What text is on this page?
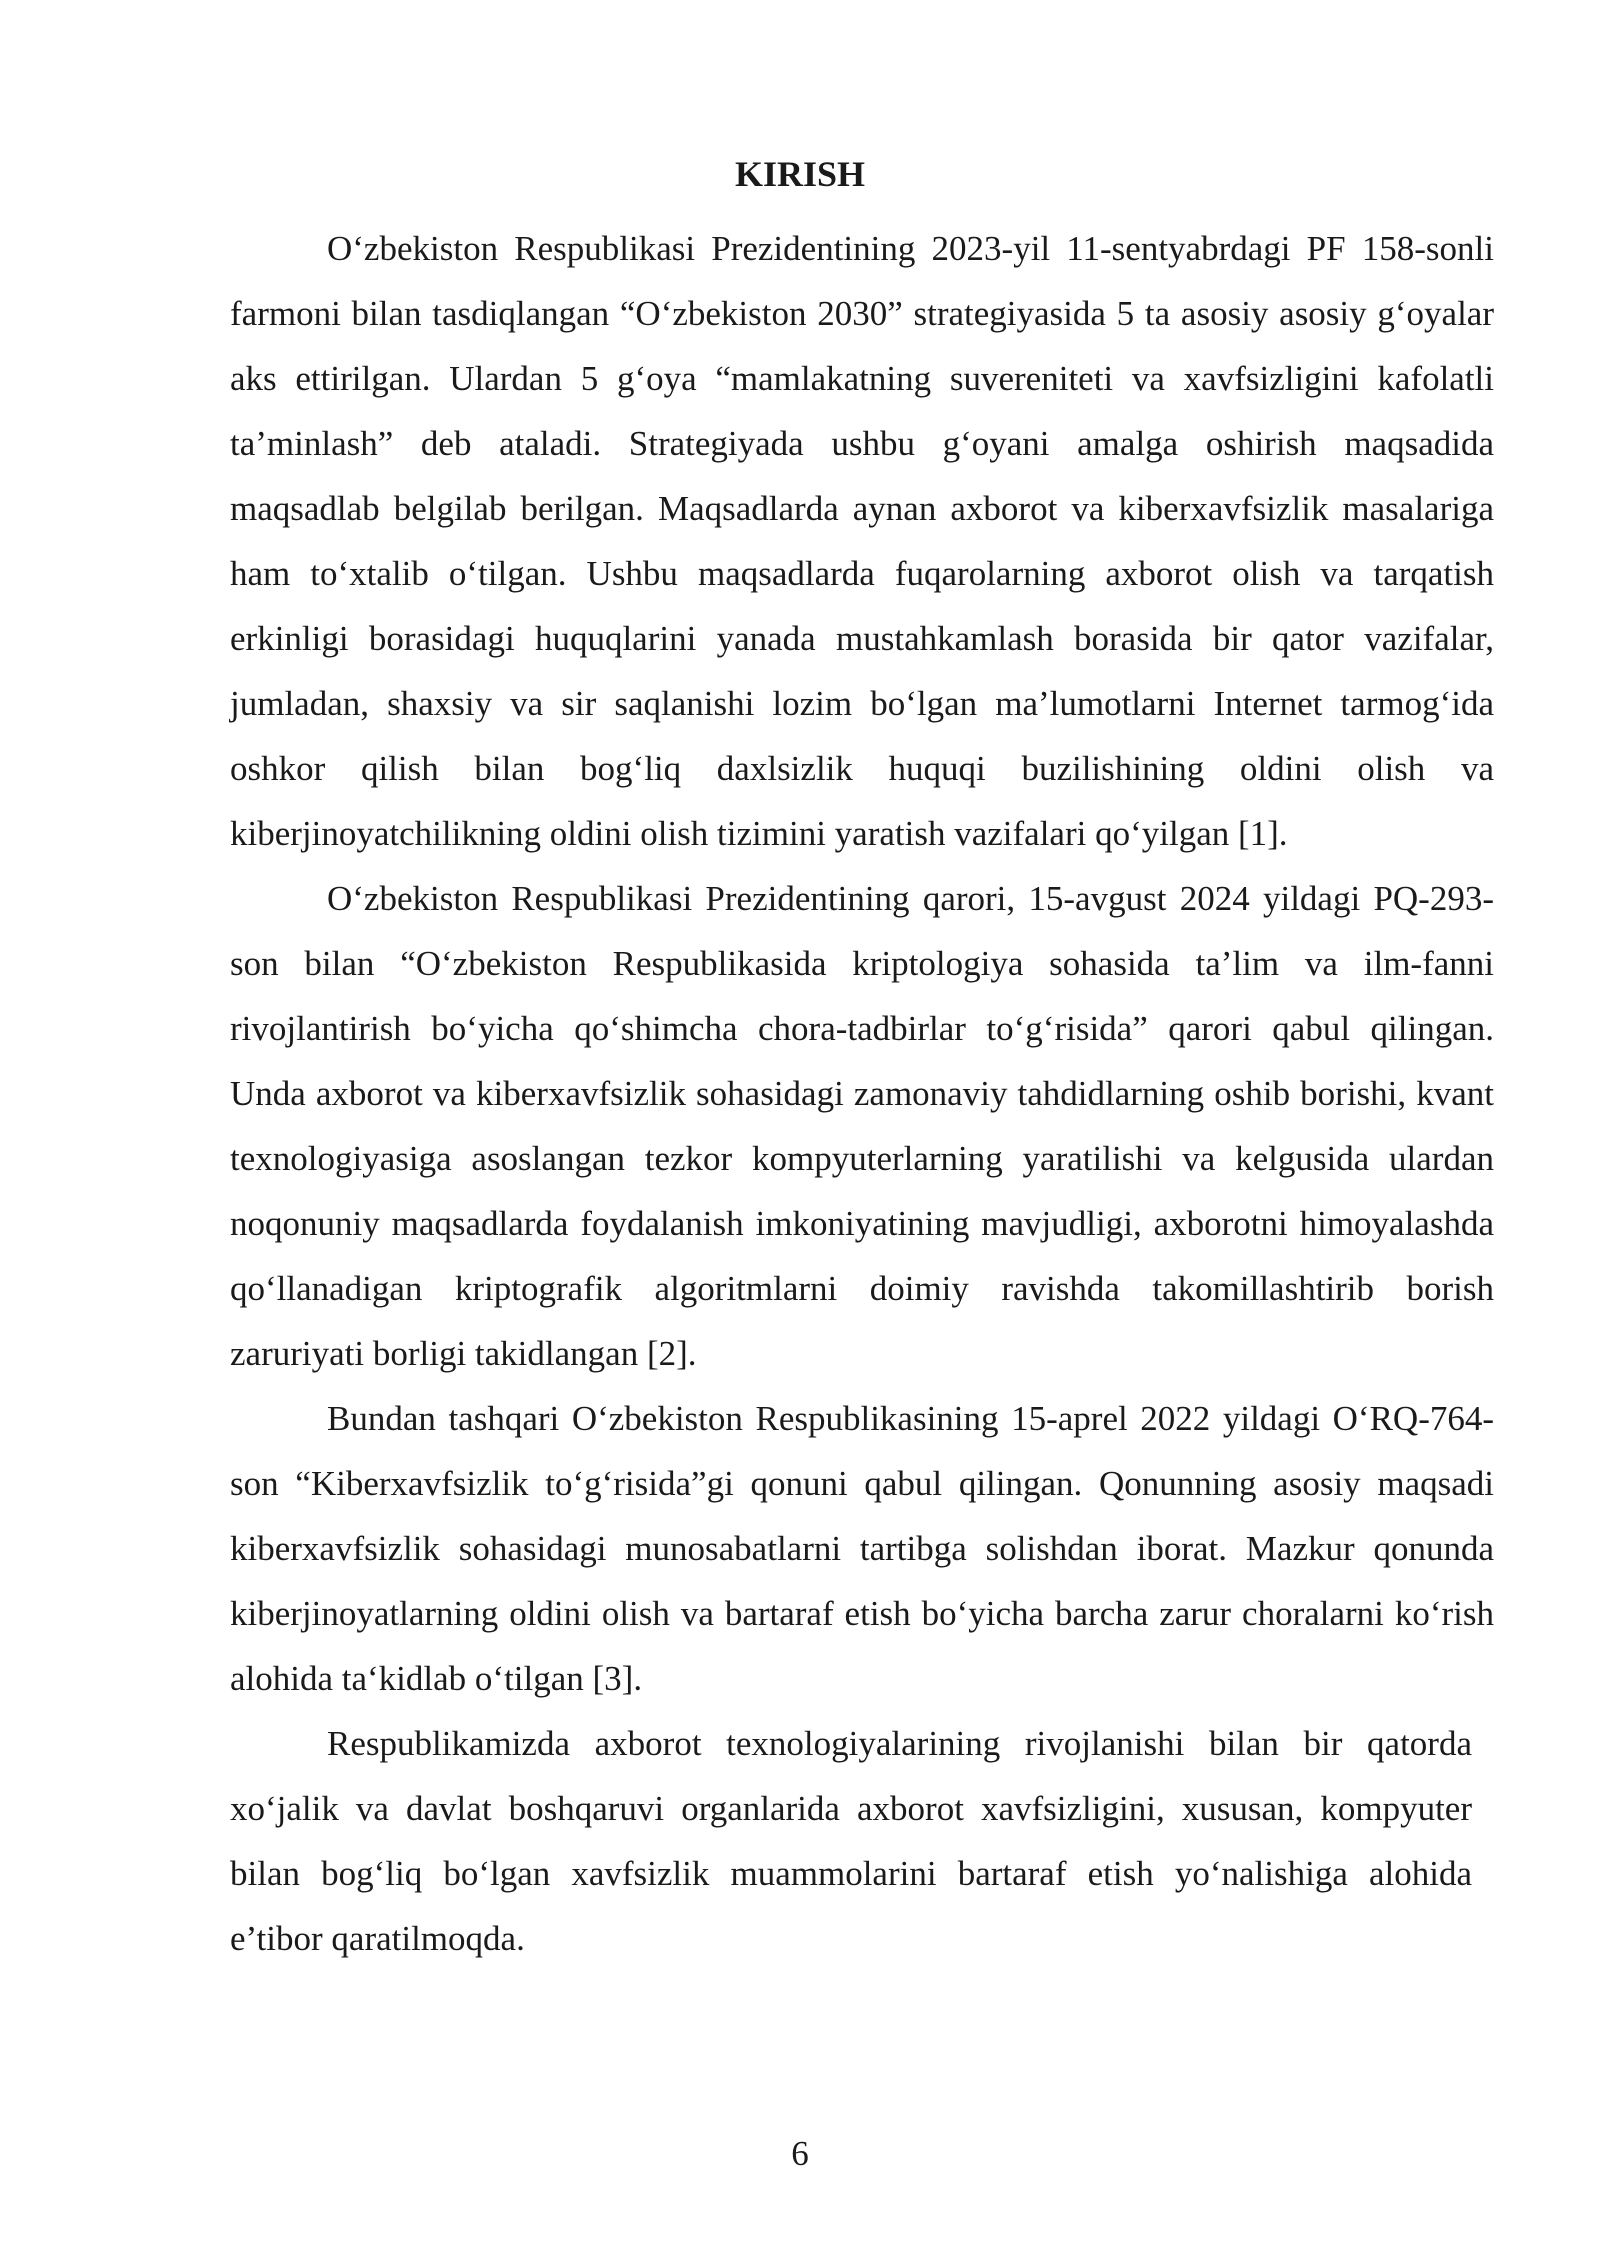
KIRISH

O‘zbekiston Respublikasi Prezidentining 2023-yil 11-sentyabrdagi PF 158-sonli farmoni bilan tasdiqlangan “O‘zbekiston 2030” strategiyasida 5 ta asosiy asosiy g‘oyalar aks ettirilgan. Ulardan 5 g‘oya “mamlakatning suvereniteti va xavfsizligini kafolatli ta’minlash” deb ataladi. Strategiyada ushbu g‘oyani amalga oshirish maqsadida maqsadlab belgilab berilgan. Maqsadlarda aynan axborot va kiberxavfsizlik masalariga ham to‘xtalib o‘tilgan. Ushbu maqsadlarda fuqarolarning axborot olish va tarqatish erkinligi borasidagi huquqlarini yanada mustahkamlash borasida bir qator vazifalar, jumladan, shaxsiy va sir saqlanishi lozim bo‘lgan ma’lumotlarni Internet tarmog‘ida oshkor qilish bilan bog‘liq daxlsizlik huquqi buzilishining oldini olish va kiberjinoyatchilikning oldini olish tizimini yaratish vazifalari qo‘yilgan [1].

O‘zbekiston Respublikasi Prezidentining qarori, 15-avgust 2024 yildagi PQ-293-son bilan “O‘zbekiston Respublikasida kriptologiya sohasida ta’lim va ilm-fanni rivojlantirish bo‘yicha qo‘shimcha chora-tadbirlar to‘g‘risida” qarori qabul qilingan. Unda axborot va kiberxavfsizlik sohasidagi zamonaviy tahdidlarning oshib borishi, kvant texnologiyasiga asoslangan tezkor kompyuterlarning yaratilishi va kelgusida ulardan noqonuniy maqsadlarda foydalanish imkoniyatining mavjudligi, axborotni himoyalashda qo‘llanadigan kriptografik algoritmlarni doimiy ravishda takomillashtirib borish zaruriyati borligi takidlangan [2].

Bundan tashqari O‘zbekiston Respublikasining 15-aprel 2022 yildagi O‘RQ-764-son “Kiberxavfsizlik to‘g‘risida”gi qonuni qabul qilingan. Qonunning asosiy maqsadi kiberxavfsizlik sohasidagi munosabatlarni tartibga solishdan iborat. Mazkur qonunda kiberjinoyatlarning oldini olish va bartaraf etish bo‘yicha barcha zarur choralarni ko‘rish alohida ta‘kidlab o‘tilgan [3].

Respublikamizda axborot texnologiyalarining rivojlanishi bilan bir qatorda xo‘jalik va davlat boshqaruvi organlarida axborot xavfsizligini, xususan, kompyuter bilan bog‘liq bo‘lgan xavfsizlik muammolarini bartaraf etish yo‘nalishiga alohida e’tibor qaratilmoqda.

6
